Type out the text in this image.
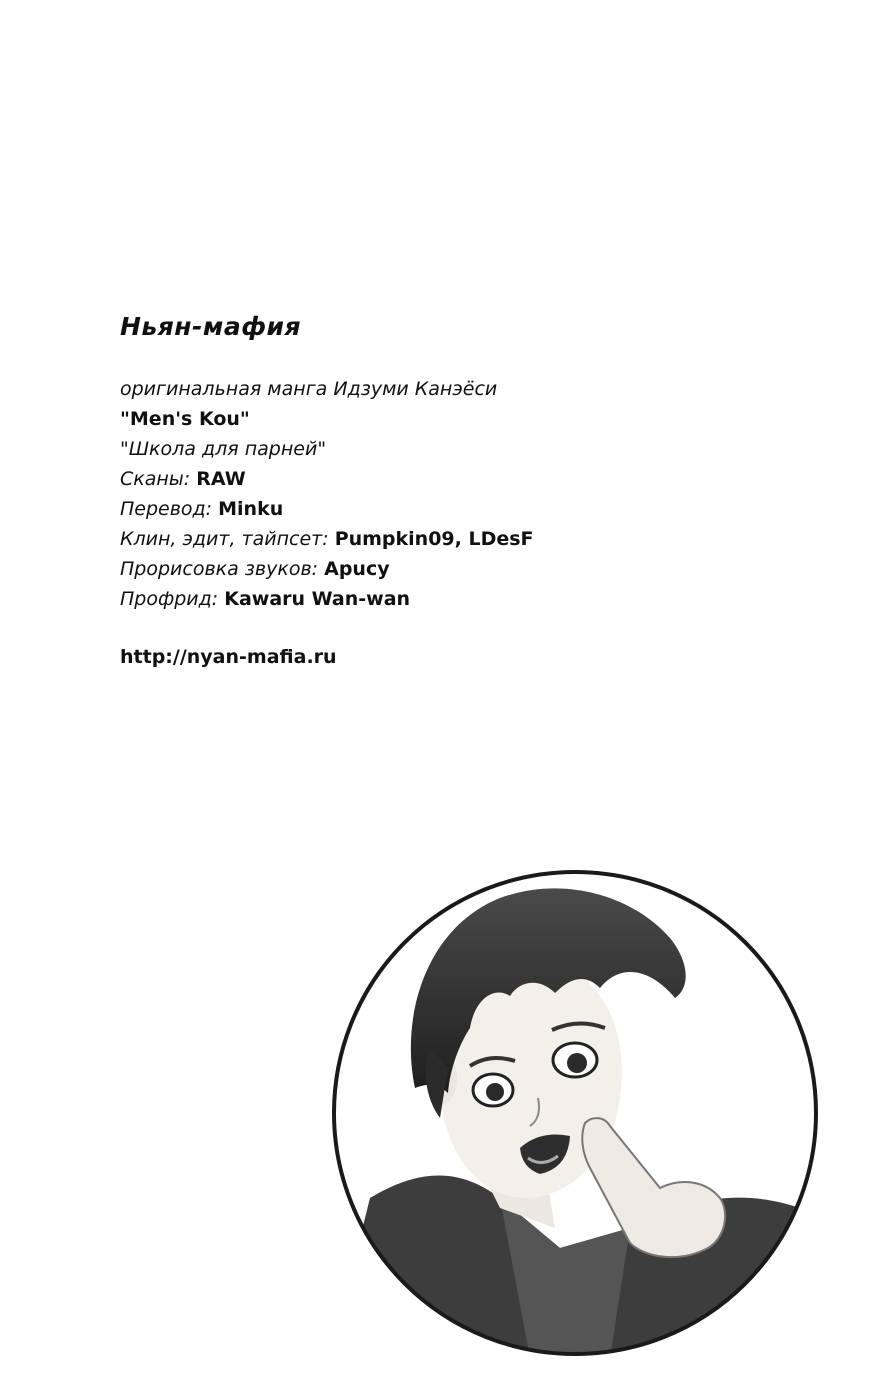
Ньян-мафия
оригинальная манга Идзуми Канэёси
"Men's Kou"
"Школа для парней"
Сканы: RAW
Перевод: Minku
Клин, эдит, тайпсет: Pumpkin09, LDesF
Прорисовка звуков: Apucy
Профрид: Kawaru Wan-wan
http://nyan-mafia.ru
